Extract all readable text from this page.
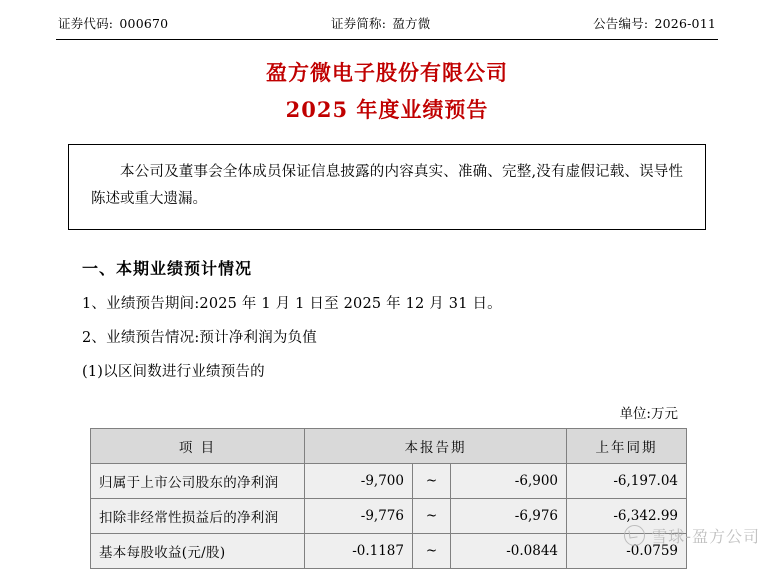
证券代码: 000670	证券简称: 盈方微	公告编号: 2026-011
盈方微电子股份有限公司
2025 年度业绩预告

本公司及董事会全体成员保证信息披露的内容真实、准确、完整,没有虚假记载、误导性陈述或重大遗漏。

一、本期业绩预计情况
1、业绩预告期间:2025 年 1 月 1 日至 2025 年 12 月 31 日。
2、业绩预告情况:预计净利润为负值
(1)以区间数进行业绩预告的
单位:万元
项 目	本报告期			上年同期
归属于上市公司股东的净利润	-9,700	~	-6,900	-6,197.04
扣除非经常性损益后的净利润	-9,776	~	-6,976	-6,342.99
基本每股收益(元/股)	-0.1187	~	-0.0844	-0.0759
雪球-盈方公司
